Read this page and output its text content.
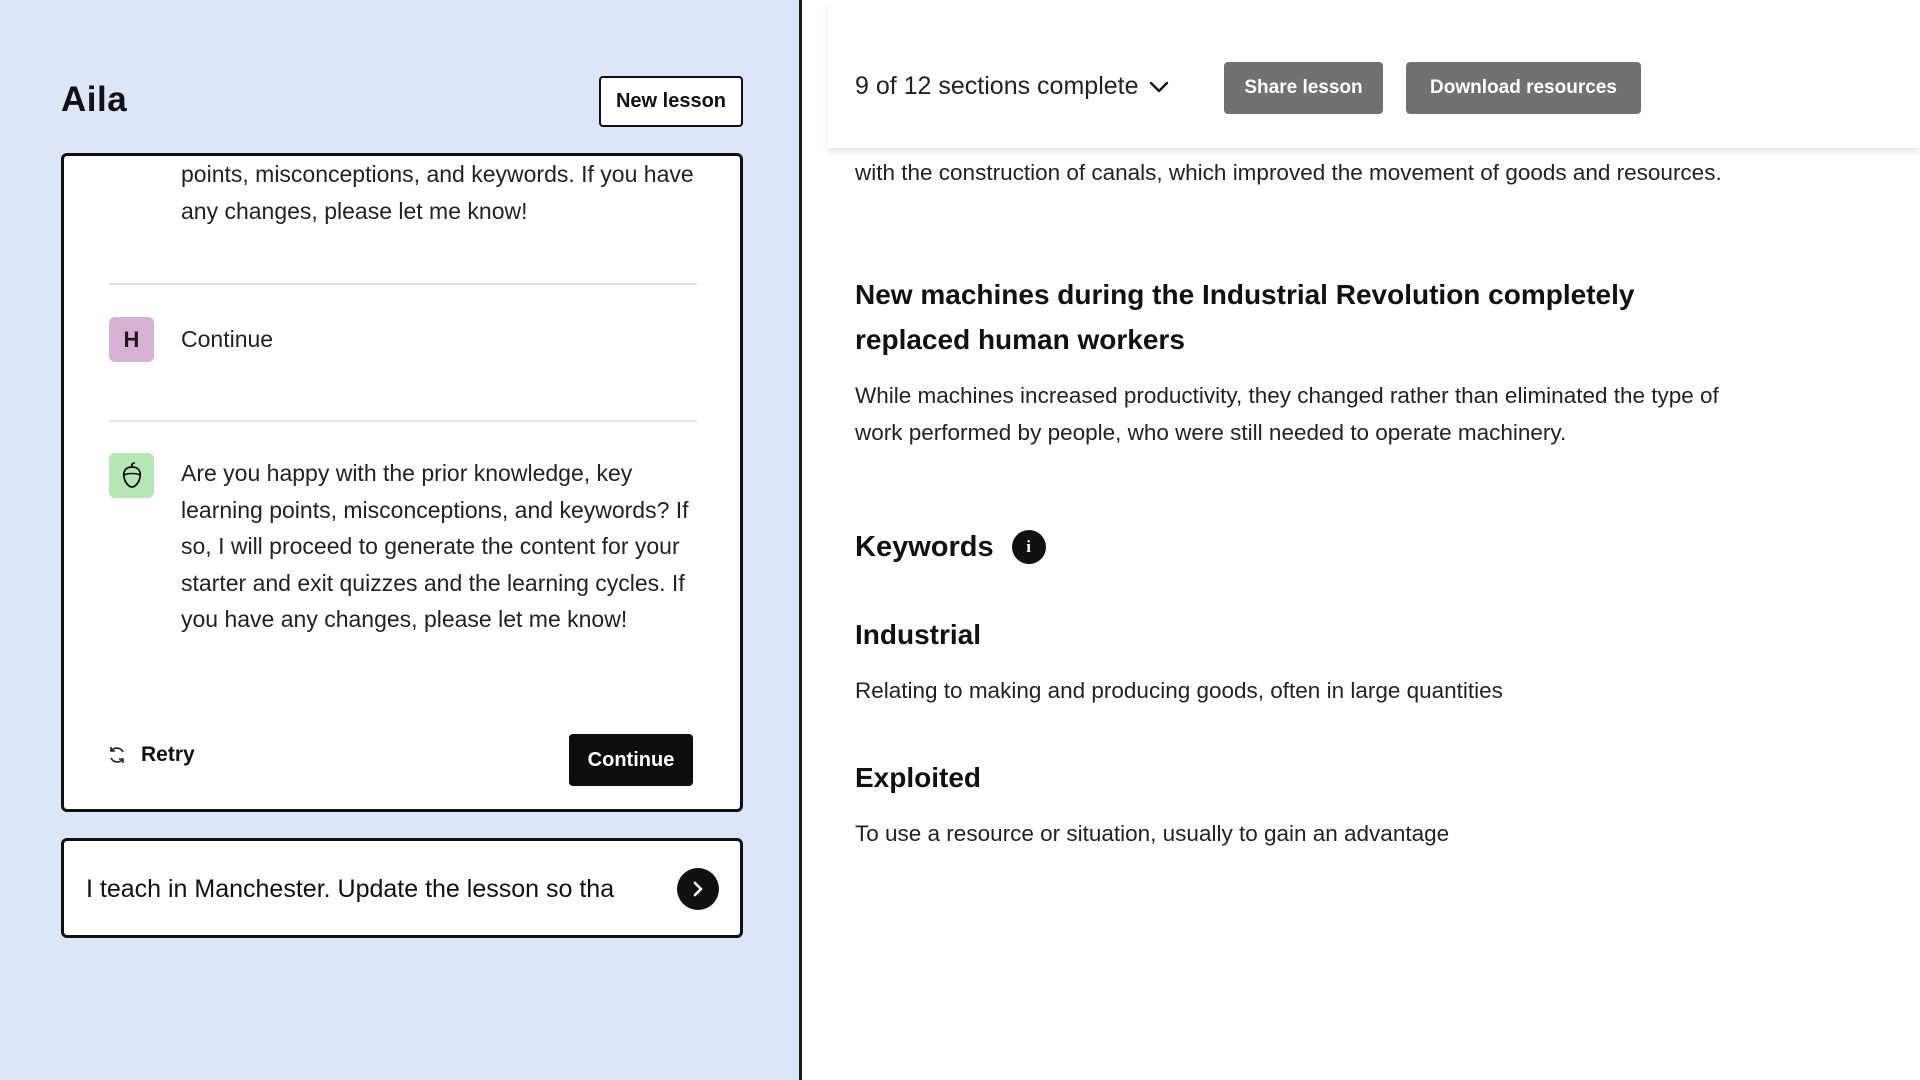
Aila	New lesson

points, misconceptions, and keywords. If you have any changes, please let me know!
H	Continue
Are you happy with the prior knowledge, key learning points, misconceptions, and keywords? If so, I will proceed to generate the content for your starter and exit quizzes and the learning cycles. If you have any changes, please let me know!
Retry	Continue
I teach in Manchester. Update the lesson so tha
9 of 12 sections complete	Share lesson	Download resources
with the construction of canals, which improved the movement of goods and resources.
New machines during the Industrial Revolution completely replaced human workers
While machines increased productivity, they changed rather than eliminated the type of work performed by people, who were still needed to operate machinery.
Keywords	i
Industrial
Relating to making and producing goods, often in large quantities
Exploited
To use a resource or situation, usually to gain an advantage
